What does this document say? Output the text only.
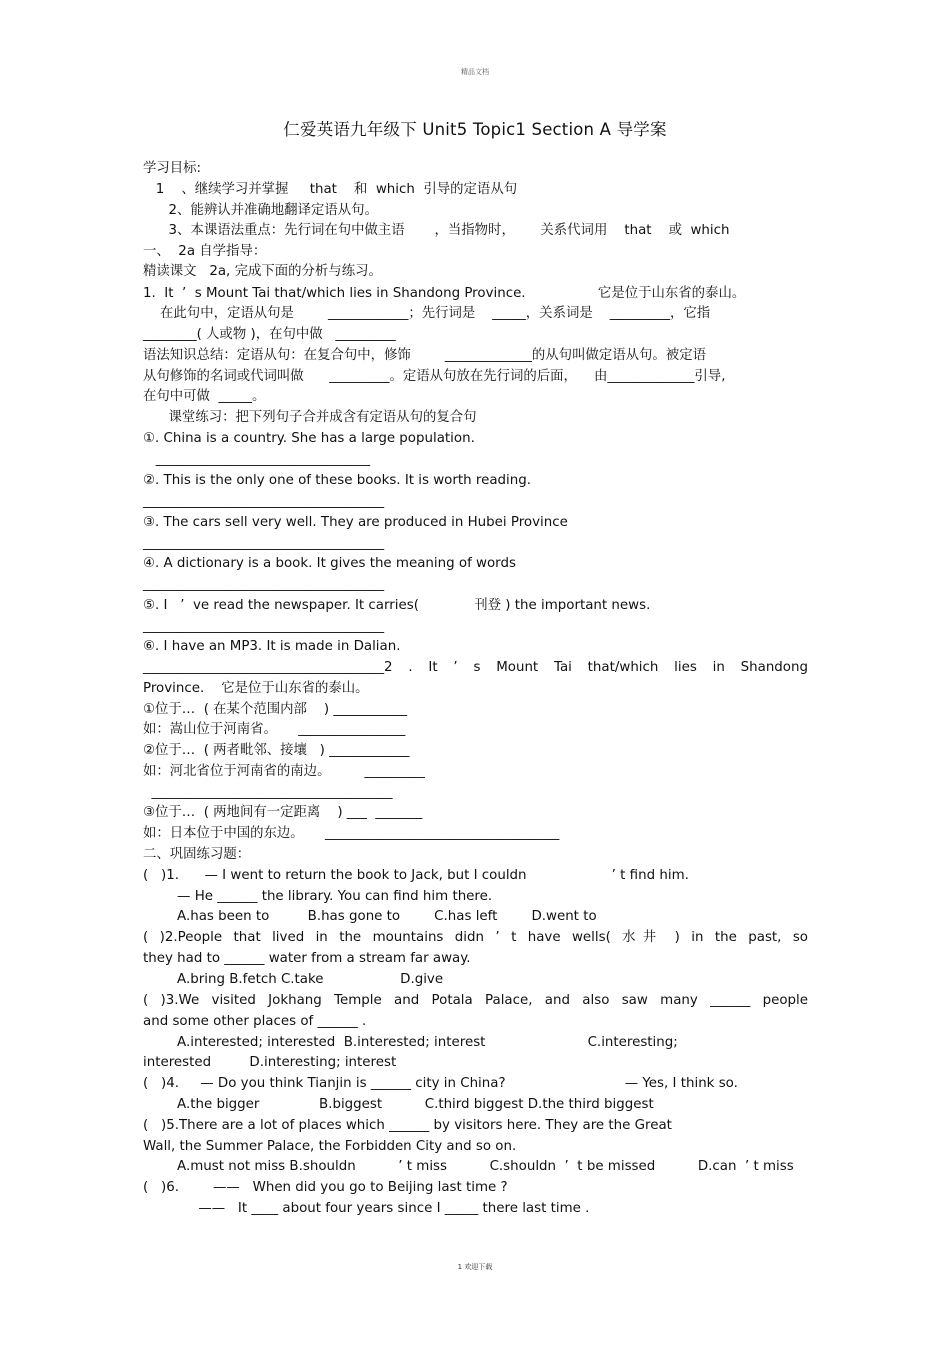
精品文档
仁爱英语九年级下 Unit5 Topic1 Section A 导学案
学习目标:
1    、继续学习并掌握     that    和  which  引导的定语从句
2、能辨认并准确地翻译定语从句。
3、本课语法重点：先行词在句中做主语       ，当指物时，      关系代词用    that    或  which
一、  2a 自学指导：
精读课文   2a, 完成下面的分析与练习。
1.  It  ’  s Mount Tai that/which lies in Shandong Province.                 它是位于山东省的泰山。
在此句中，定语从句是        ____________；先行词是    _____，关系词是    _________，它指
________( 人或物 )，在句中做   _________
语法知识总结：定语从句：在复合句中，修饰        _____________的从句叫做定语从句。被定语
从句修饰的名词或代词叫做      _________。定语从句放在先行词的后面，    由_____________引导,
在句中可做  _____。
课堂练习：把下列句子合并成含有定语从句的复合句
①. China is a country. She has a large population.
________________________________
②. This is the only one of these books. It is worth reading.
____________________________________
③. The cars sell very well. They are produced in Hubei Province
____________________________________
④. A dictionary is a book. It gives the meaning of words
____________________________________
⑤. I   ’  ve read the newspaper. It carries(             刊登 ) the important news.
____________________________________
⑥. I have an MP3. It is made in Dalian.
____________________________________2 . It ’ s Mount Tai that/which lies in Shandong
Province.    它是位于山东省的泰山。
①位于…  ( 在某个范围内部    ) ___________
如：嵩山位于河南省。     ________________
②位于…  ( 两者毗邻、接壤   ) ____________
如：河北省位于河南省的南边。        _________
____________________________________
③位于…  ( 两地间有一定距离    ) ___  _______
如：日本位于中国的东边。     ___________________________________
二、巩固练习题：
(   )1.      — I went to return the book to Jack, but I couldn                    ’ t find him.
— He ______ the library. You can find him there.
A.has been to         B.has gone to        C.has left        D.went to
( )2.People that lived in the mountains didn ’ t have wells( 水井 ) in the past, so
they had to ______ water from a stream far away.
A.bring B.fetch C.take                  D.give
( )3.We visited Jokhang Temple and Potala Palace, and also saw many ______ people
and some other places of ______ .
A.interested; interested  B.interested; interest                        C.interesting;
interested         D.interesting; interest
(   )4.     — Do you think Tianjin is ______ city in China?                            — Yes, I think so.
A.the bigger              B.biggest          C.third biggest D.the third biggest
(   )5.There are a lot of places which ______ by visitors here. They are the Great
Wall, the Summer Palace, the Forbidden City and so on.
A.must not miss B.shouldn          ’ t miss          C.shouldn  ’  t be missed          D.can  ’ t miss
(   )6.        ——   When did you go to Beijing last time ?
——   It ____ about four years since I _____ there last time .
1 欢迎下载
